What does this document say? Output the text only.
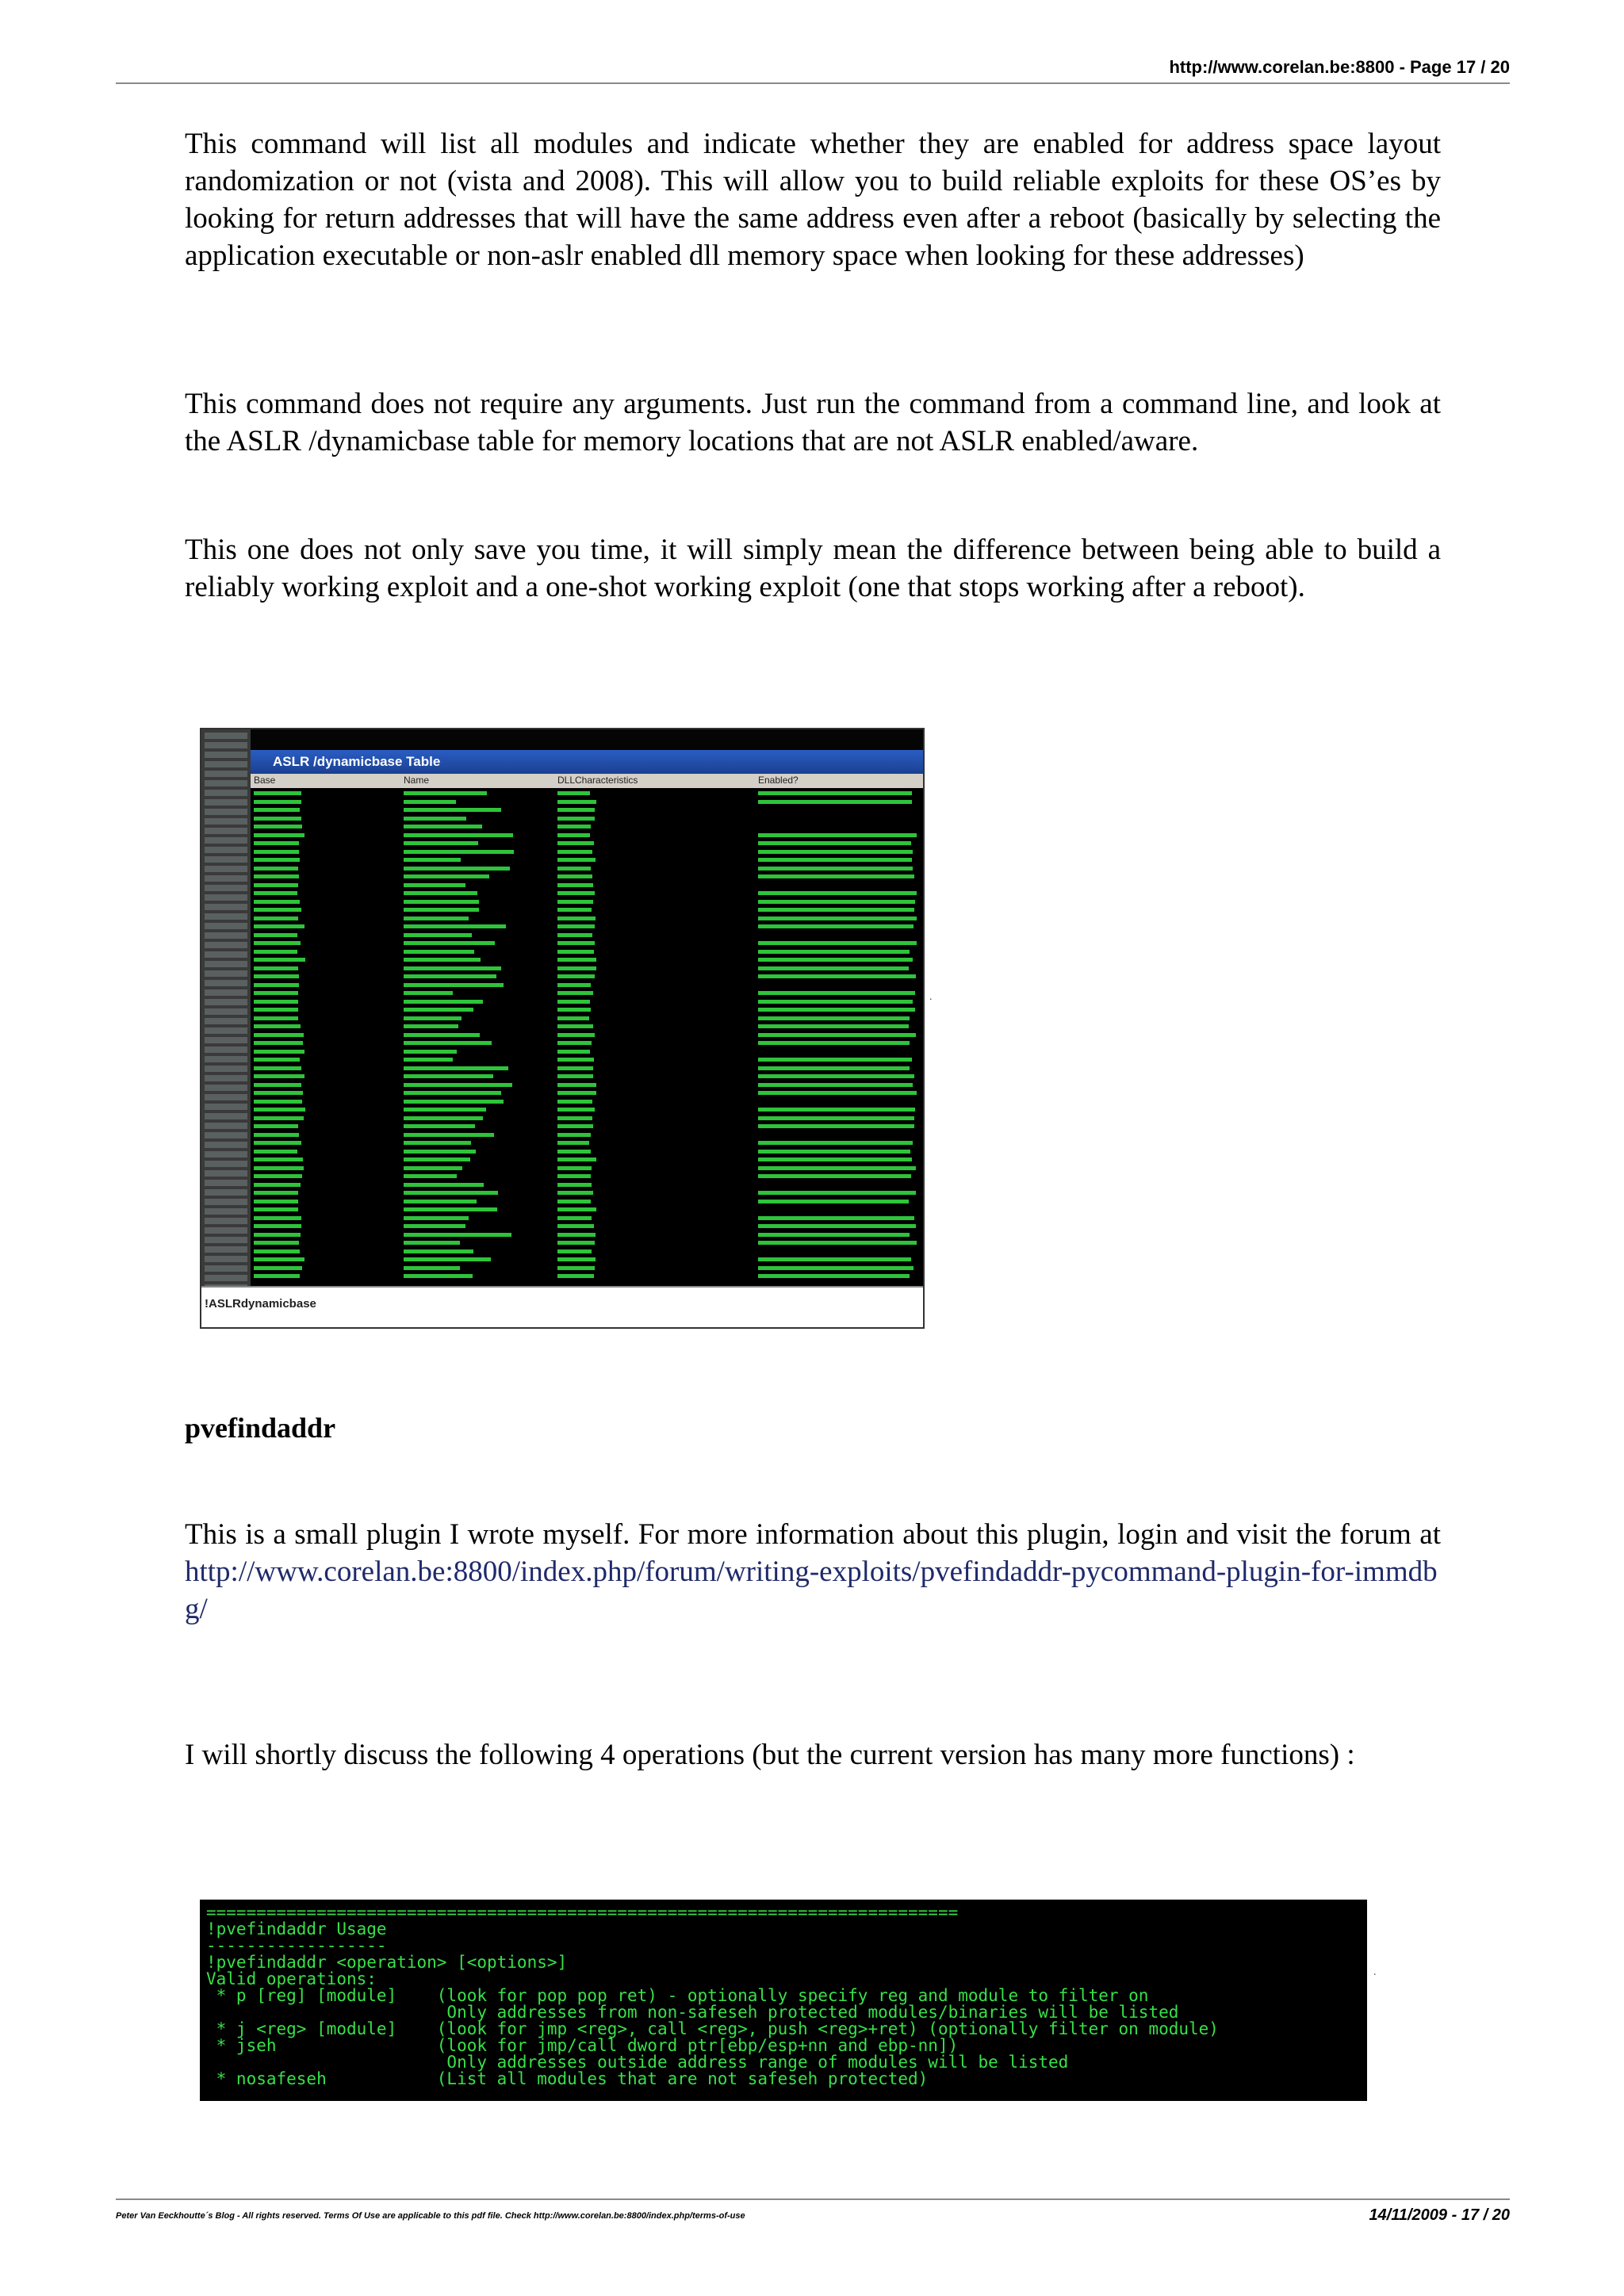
http://www.corelan.be:8800 - Page 17 / 20

This command will list all modules and indicate whether they are enabled for address space layout randomization or not (vista and 2008). This will allow you to build reliable exploits for these OS’es by looking for return addresses that will have the same address even after a reboot (basically by selecting the application executable or non-aslr enabled dll memory space when looking for these addresses)

This command does not require any arguments. Just run the command from a command line, and look at the ASLR /dynamicbase table for memory locations that are not ASLR enabled/aware.

This one does not only save you time, it will simply mean the difference between being able to build a reliably working exploit and a one-shot working exploit (one that stops working after a reboot).

ASLR /dynamicbase Table
Base	Name	DLLCharacteristics	Enabled?
!ASLRdynamicbase
.
pvefindaddr

This is a small plugin I wrote myself. For more information about this plugin, login and visit the forum at http://www.corelan.be:8800/index.php/forum/writing-exploits/pvefindaddr-pycommand-plugin-for-immdbg/

I will shortly discuss the following 4 operations (but the current version has many more functions) :

===========================================================================
!pvefindaddr Usage
------------------
!pvefindaddr <operation> [<options>]
Valid operations:
* p [reg] [module]    (look for pop pop ret) - optionally specify reg and module to filter on
Only addresses from non-safeseh protected modules/binaries will be listed
* j <reg> [module]    (look for jmp <reg>, call <reg>, push <reg>+ret) (optionally filter on module)
* jseh                (look for jmp/call dword ptr[ebp/esp+nn and ebp-nn])
Only addresses outside address range of modules will be listed
* nosafeseh           (List all modules that are not safeseh protected)
.
Peter Van Eeckhoutte´s Blog - All rights reserved. Terms Of Use are applicable to this pdf file. Check http://www.corelan.be:8800/index.php/terms-of-use	14/11/2009 - 17 / 20
